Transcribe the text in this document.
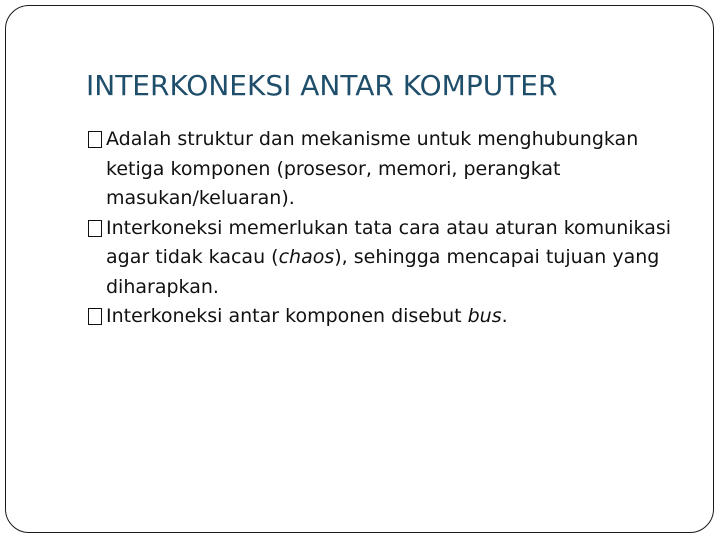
INTERKONEKSI ANTAR KOMPUTER
Adalah struktur dan mekanisme untuk menghubungkan ketiga komponen (prosesor, memori, perangkat masukan/keluaran).
Interkoneksi memerlukan tata cara atau aturan komunikasi agar tidak kacau (chaos), sehingga mencapai tujuan yang diharapkan.
Interkoneksi antar komponen disebut bus.
